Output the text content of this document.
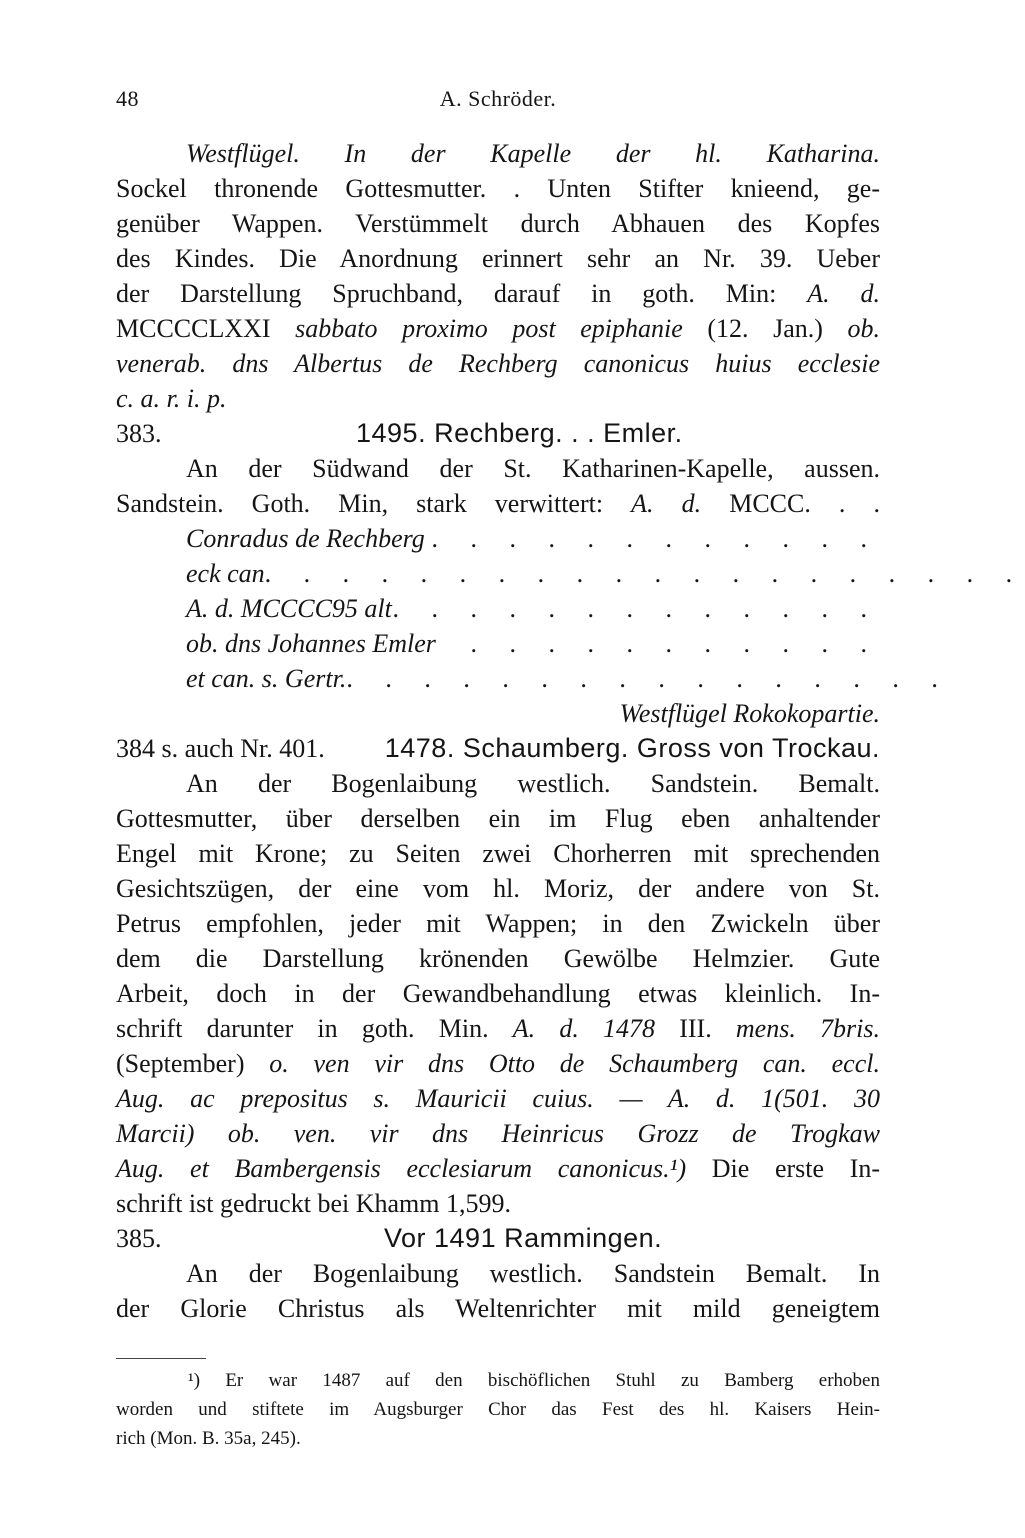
48	A. Schröder.
Westflügel. In der Kapelle der hl. Katharina.
Sockel thronende Gottesmutter. . Unten Stifter knieend, ge-
genüber Wappen. Verstümmelt durch Abhauen des Kopfes
des Kindes. Die Anordnung erinnert sehr an Nr. 39. Ueber
der Darstellung Spruchband, darauf in goth. Min: A. d.
MCCCCLXXI sabbato proximo post epiphanie (12. Jan.) ob.
venerab. dns Albertus de Rechberg canonicus huius ecclesie
c. a. r. i. p.
383.	1495. Rechberg. . . Emler.
An der Südwand der St. Katharinen-Kapelle, aussen.
Sandstein. Goth. Min, stark verwittert: A. d. MCCC. . .
Conradus de Rechberg . . . . . . . . . . . .
eck can . . . . . . . . . . . . . . . . . . . .
A. d. MCCCC95 alt . . . . . . . . . . . . .
ob. dns Johannes Emler	. . . . . . . . . . .
et can. s. Gertr. . . . . . . . . . . . . . . . .
Westflügel Rokokopartie.
384 s. auch Nr. 401.	1478. Schaumberg. Gross von Trockau.
An der Bogenlaibung westlich. Sandstein. Bemalt.
Gottesmutter, über derselben ein im Flug eben anhaltender
Engel mit Krone; zu Seiten zwei Chorherren mit sprechenden
Gesichtszügen, der eine vom hl. Moriz, der andere von St.
Petrus empfohlen, jeder mit Wappen; in den Zwickeln über
dem die Darstellung krönenden Gewölbe Helmzier. Gute
Arbeit, doch in der Gewandbehandlung etwas kleinlich. In-
schrift darunter in goth. Min. A. d. 1478 III. mens. 7bris.
(September) o. ven vir dns Otto de Schaumberg can. eccl.
Aug. ac prepositus s. Mauricii cuius. — A. d. 1(501. 30
Marcii) ob. ven. vir dns Heinricus Grozz de Trogkaw
Aug. et Bambergensis ecclesiarum canonicus.¹) Die erste In-
schrift ist gedruckt bei Khamm 1,599.
385.	Vor 1491 Rammingen.
An der Bogenlaibung westlich. Sandstein Bemalt. In
der Glorie Christus als Weltenrichter mit mild geneigtem
¹) Er war 1487 auf den bischöflichen Stuhl zu Bamberg erhoben
worden und stiftete im Augsburger Chor das Fest des hl. Kaisers Hein-
rich (Mon. B. 35a, 245).
